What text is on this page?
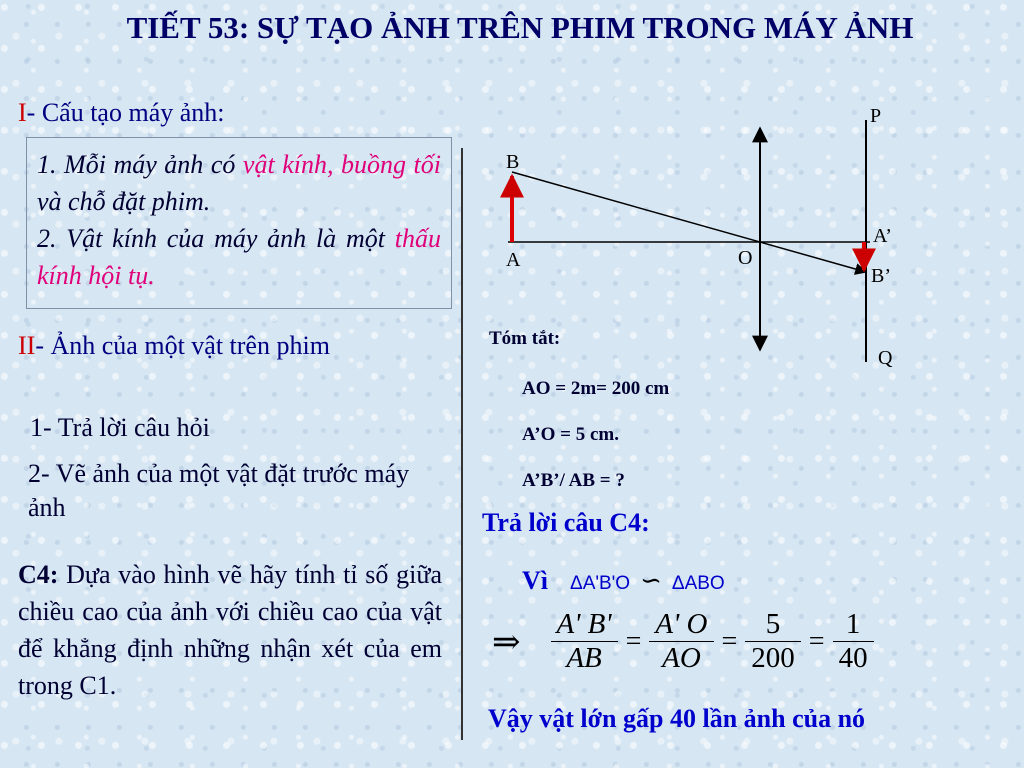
TIẾT 53: SỰ TẠO ẢNH TRÊN PHIM TRONG MÁY ẢNH
I- Cấu tạo máy ảnh:

1. Mỗi máy ảnh có vật kính, buồng tối và chỗ đặt phim.

2. Vật kính của máy ảnh là một thấu kính hội tụ.

II- Ảnh của một vật trên phim
1- Trả lời câu hỏi
2- Vẽ ảnh của một vật đặt trước máy ảnh
C4: Dựa vào hình vẽ hãy tính tỉ số giữa chiều cao của ảnh với chiều cao của vật để khẳng định những nhận xét của em trong C1.
P
B
A’
A	O
B’
Q
Tóm tắt:
AO = 2m= 200 cm
A’O = 5 cm.
A’B’/ AB = ?
Trả lời câu C4:
Vì ΔA'B'O ∽ ΔABO
⇒ $\frac{A' B'}{AB} = \frac{A' O}{AO} = \frac{5}{200} = \frac{1}{40}$
Vậy vật lớn gấp 40 lần ảnh của nó
